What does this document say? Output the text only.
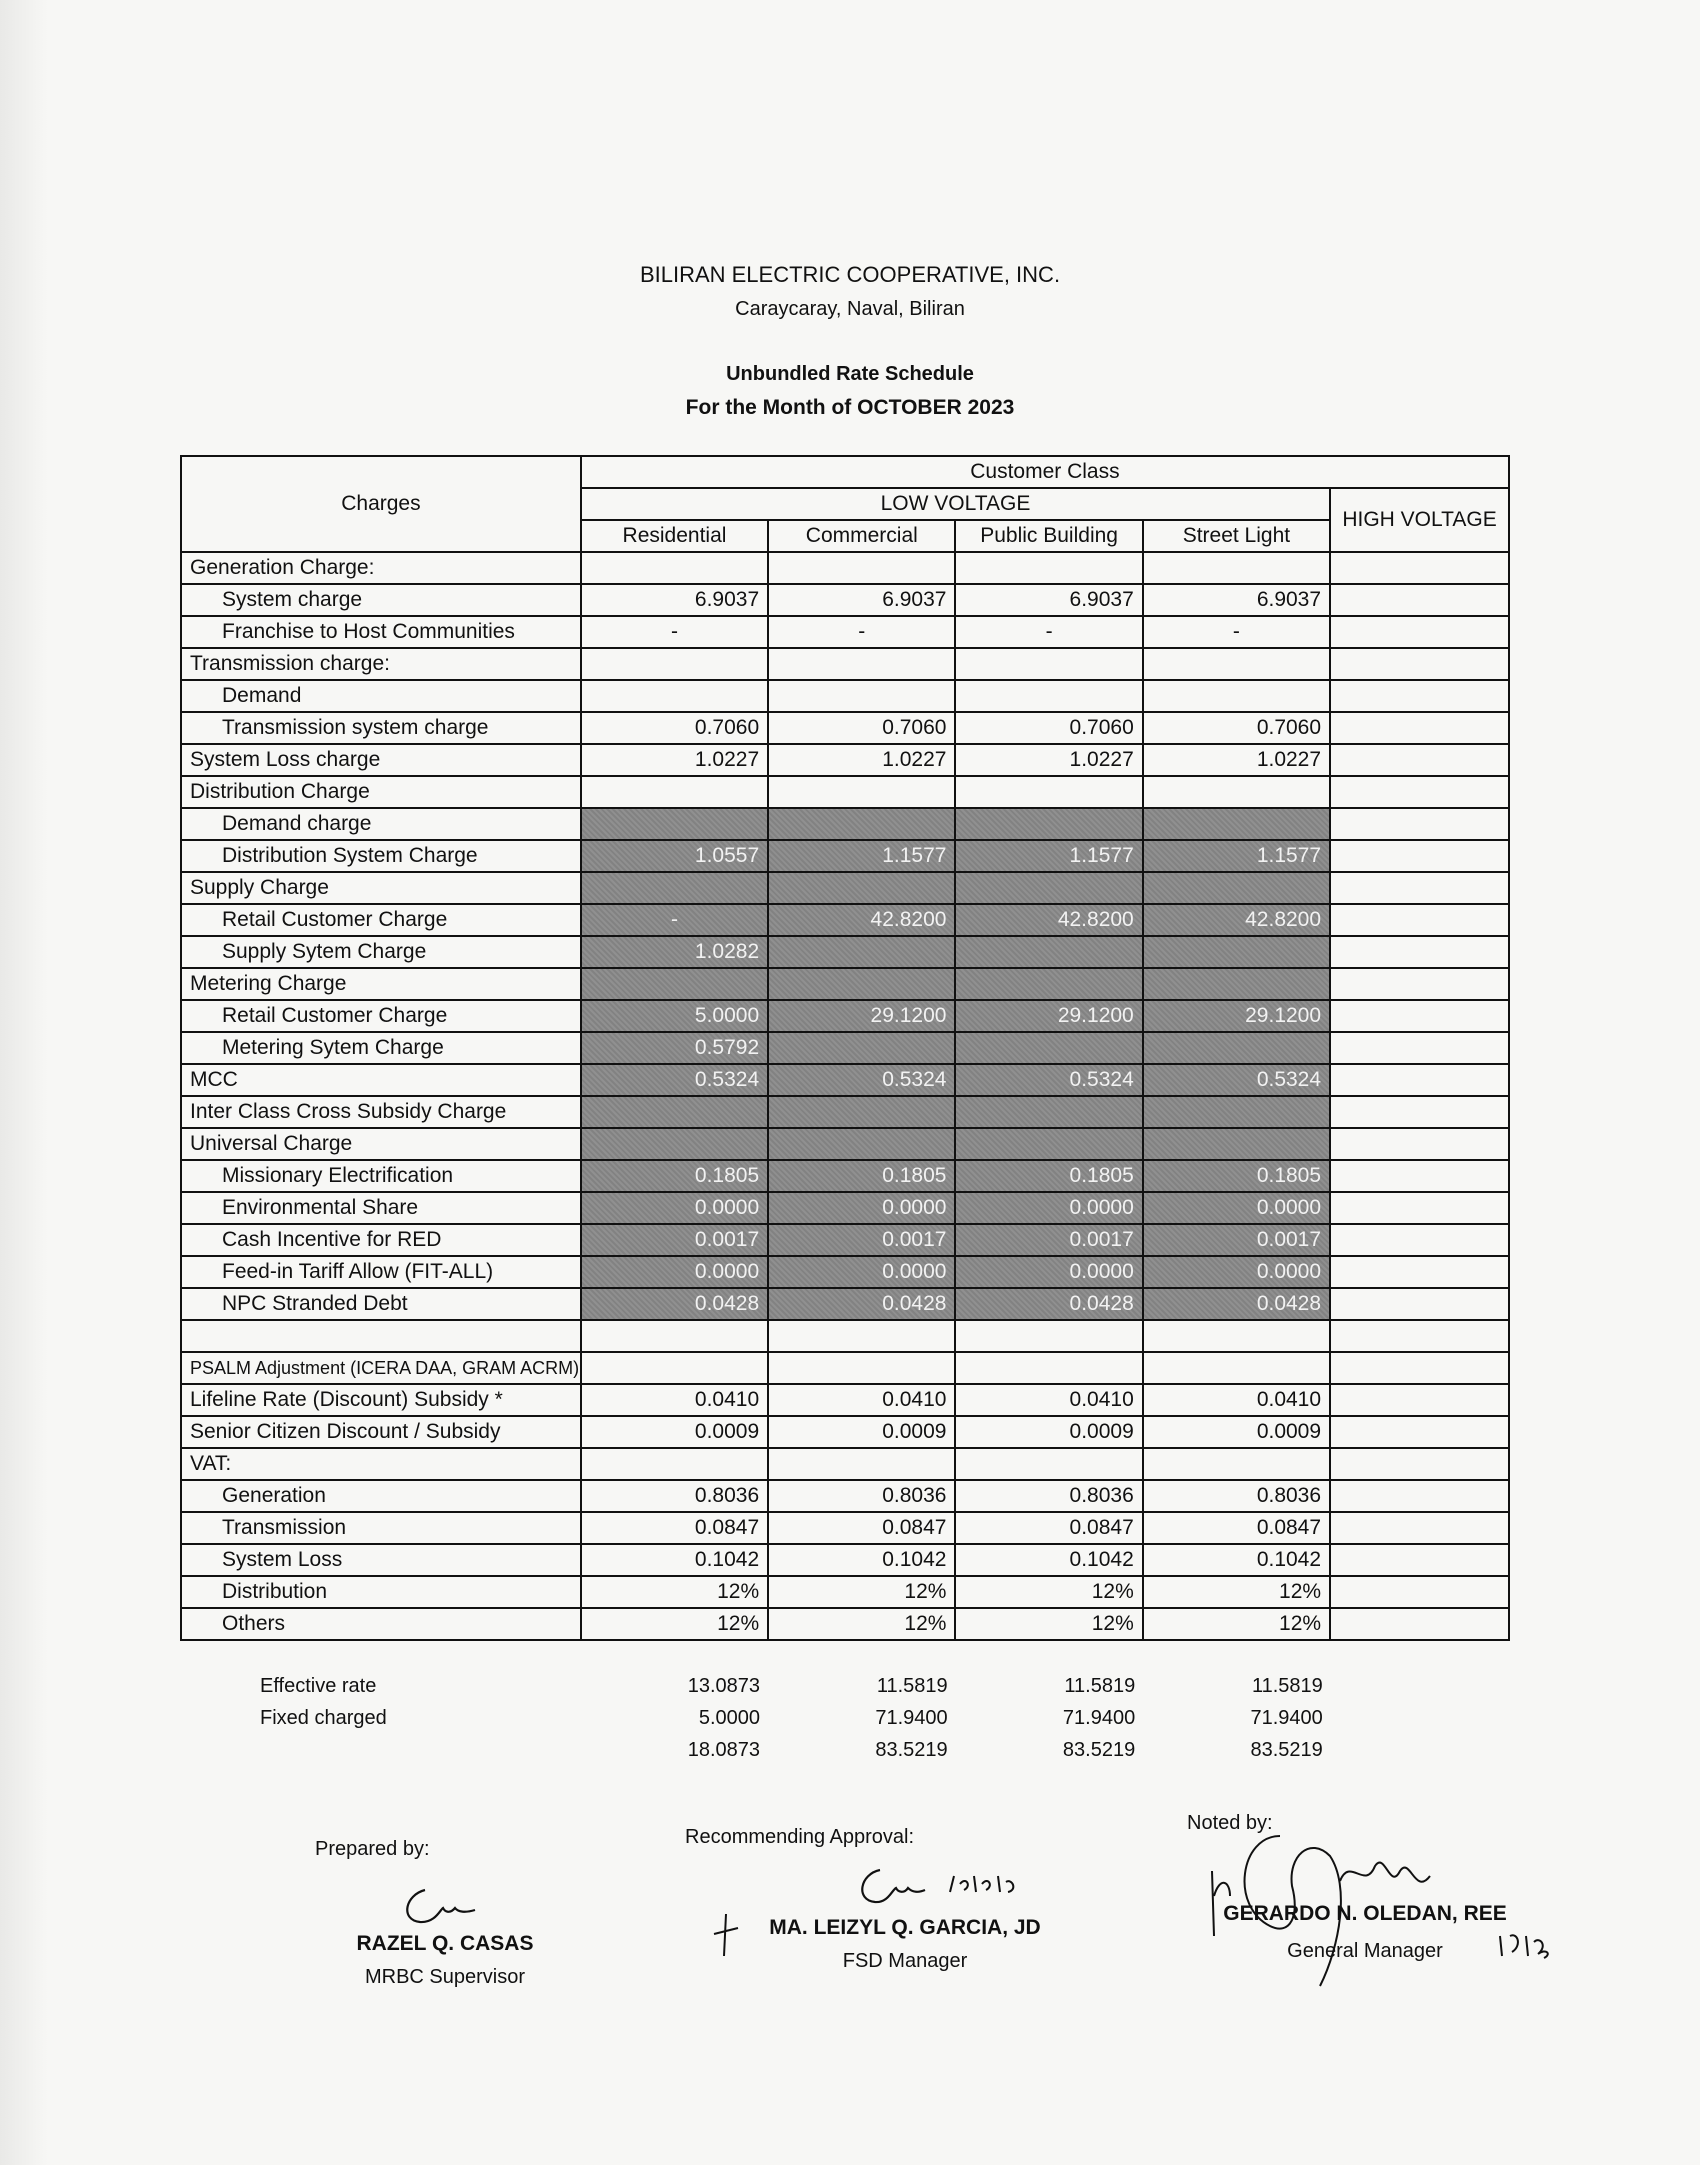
BILIRAN ELECTRIC COOPERATIVE, INC.
Caraycaray, Naval, Biliran
Unbundled Rate Schedule
For the Month of OCTOBER 2023
Charges	Customer Class				
	LOW VOLTAGE				HIGH VOLTAGE
	Residential	Commercial	Public Building	Street Light	
Generation Charge:					
System charge	6.9037	6.9037	6.9037	6.9037	
Franchise to Host Communities	-	-	-	-	
Transmission charge:					
Demand					
Transmission system charge	0.7060	0.7060	0.7060	0.7060	
System Loss charge	1.0227	1.0227	1.0227	1.0227	
Distribution Charge					
Demand charge					
Distribution System Charge	1.0557	1.1577	1.1577	1.1577	
Supply Charge					
Retail Customer Charge	-	42.8200	42.8200	42.8200	
Supply Sytem Charge	1.0282				
Metering Charge					
Retail Customer Charge	5.0000	29.1200	29.1200	29.1200	
Metering Sytem Charge	0.5792				
MCC	0.5324	0.5324	0.5324	0.5324	
Inter Class Cross Subsidy Charge					
Universal Charge					
Missionary Electrification	0.1805	0.1805	0.1805	0.1805	
Environmental Share	0.0000	0.0000	0.0000	0.0000	
Cash Incentive for RED	0.0017	0.0017	0.0017	0.0017	
Feed-in Tariff Allow (FIT-ALL)	0.0000	0.0000	0.0000	0.0000	
NPC Stranded Debt	0.0428	0.0428	0.0428	0.0428	

PSALM Adjustment (ICERA DAA, GRAM ACRM)					
Lifeline Rate (Discount) Subsidy *	0.0410	0.0410	0.0410	0.0410	
Senior Citizen Discount / Subsidy	0.0009	0.0009	0.0009	0.0009	
VAT:					
Generation	0.8036	0.8036	0.8036	0.8036	
Transmission	0.0847	0.0847	0.0847	0.0847	
System Loss	0.1042	0.1042	0.1042	0.1042	
Distribution	12%	12%	12%	12%	
Others	12%	12%	12%	12%	
Effective rate	13.0873	11.5819	11.5819	11.5819	
Fixed charged	5.0000	71.9400	71.9400	71.9400	
	18.0873	83.5219	83.5219	83.5219	
Prepared by:
RAZEL Q. CASAS
MRBC Supervisor
Recommending Approval:
MA. LEIZYL Q. GARCIA, JD
FSD Manager
Noted by:
GERARDO N. OLEDAN, REE
General Manager
